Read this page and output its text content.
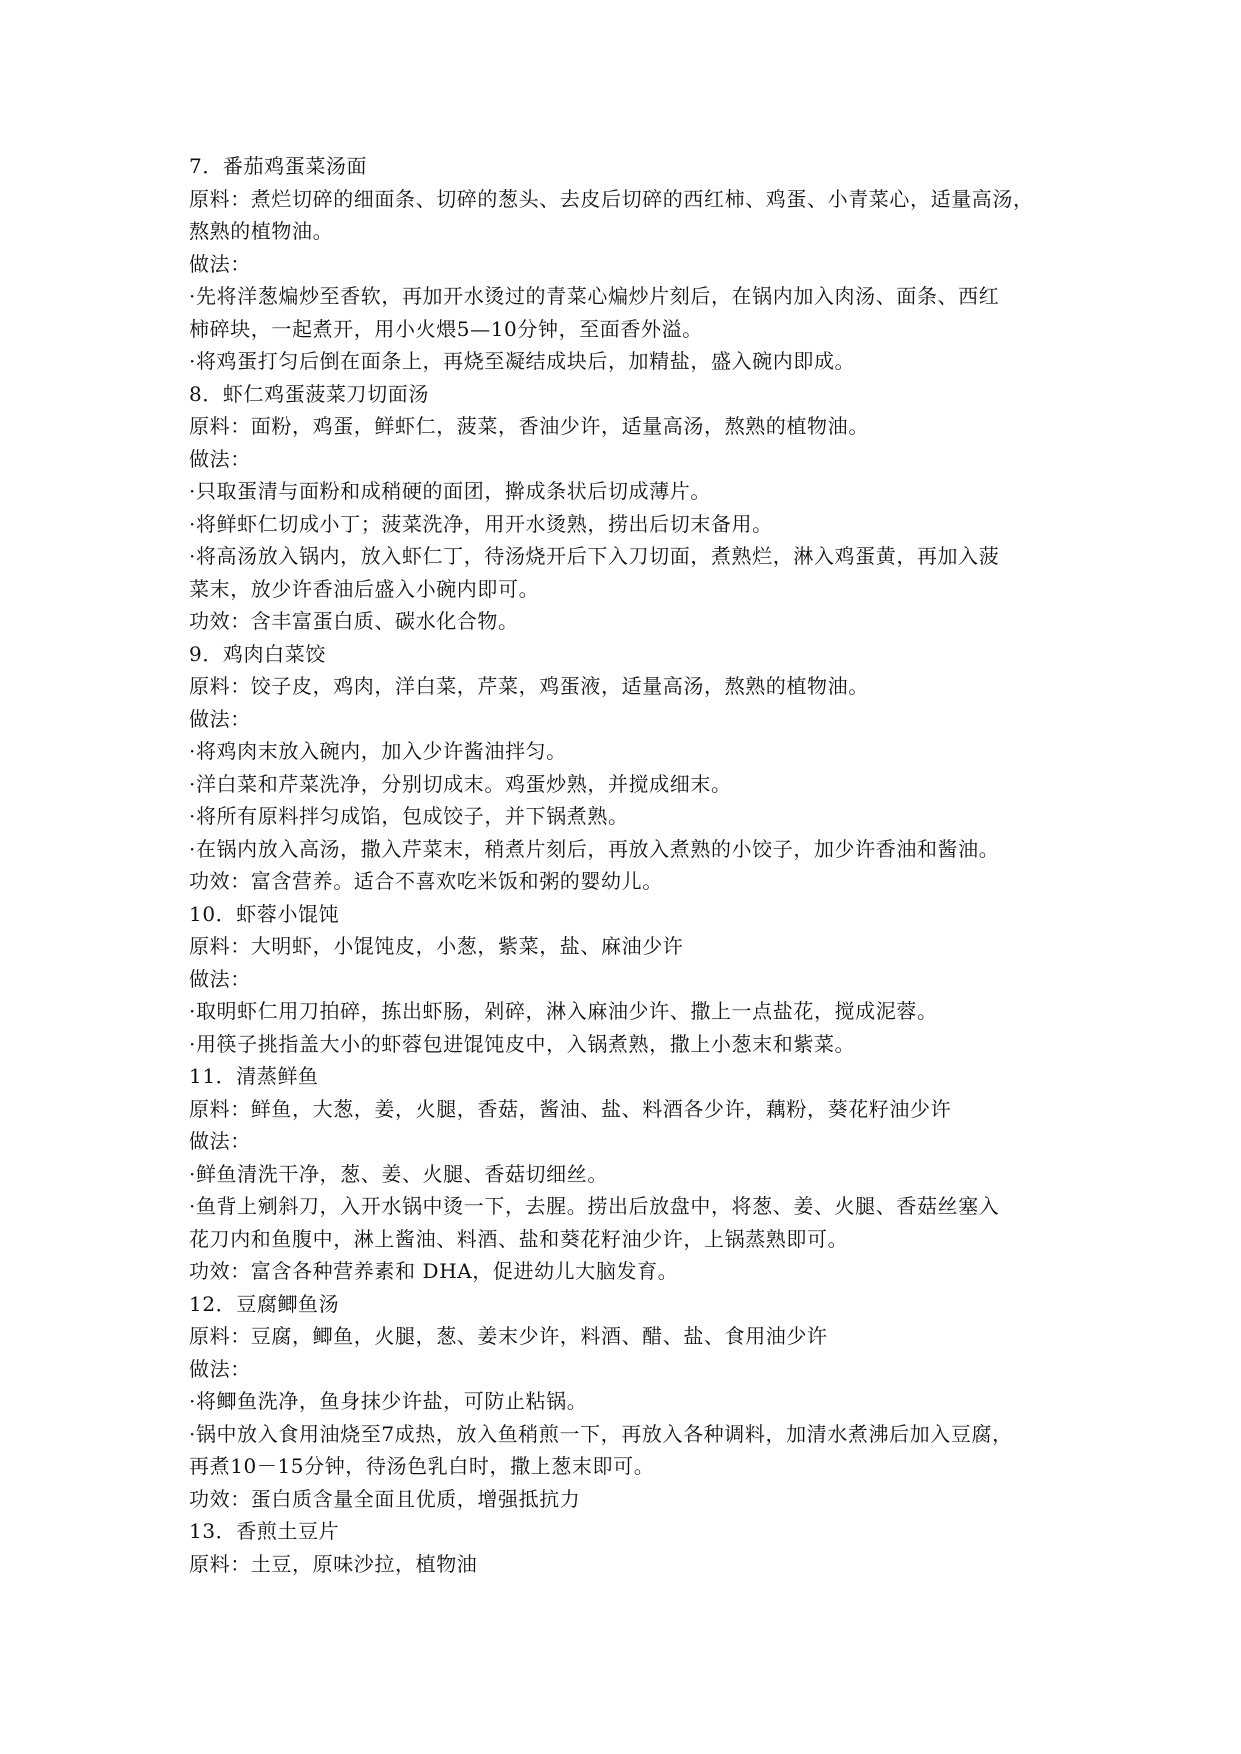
7．番茄鸡蛋菜汤面
原料：煮烂切碎的细面条、切碎的葱头、去皮后切碎的西红柿、鸡蛋、小青菜心，适量高汤，
熬熟的植物油。
做法：
·先将洋葱煸炒至香软，再加开水烫过的青菜心煸炒片刻后，在锅内加入肉汤、面条、西红
柿碎块，一起煮开，用小火煨5—10分钟，至面香外溢。
·将鸡蛋打匀后倒在面条上，再烧至凝结成块后，加精盐，盛入碗内即成。
8．虾仁鸡蛋菠菜刀切面汤
原料：面粉，鸡蛋，鲜虾仁，菠菜，香油少许，适量高汤，熬熟的植物油。
做法：
·只取蛋清与面粉和成稍硬的面团，擀成条状后切成薄片。
·将鲜虾仁切成小丁；菠菜洗净，用开水烫熟，捞出后切末备用。
·将高汤放入锅内，放入虾仁丁，待汤烧开后下入刀切面，煮熟烂，淋入鸡蛋黄，再加入菠
菜末，放少许香油后盛入小碗内即可。
功效：含丰富蛋白质、碳水化合物。
9．鸡肉白菜饺
原料：饺子皮，鸡肉，洋白菜，芹菜，鸡蛋液，适量高汤，熬熟的植物油。
做法：
·将鸡肉末放入碗内，加入少许酱油拌匀。
·洋白菜和芹菜洗净，分别切成末。鸡蛋炒熟，并搅成细末。
·将所有原料拌匀成馅，包成饺子，并下锅煮熟。
·在锅内放入高汤，撒入芹菜末，稍煮片刻后，再放入煮熟的小饺子，加少许香油和酱油。
功效：富含营养。适合不喜欢吃米饭和粥的婴幼儿。
10．虾蓉小馄饨
原料：大明虾，小馄饨皮，小葱，紫菜，盐、麻油少许
做法：
·取明虾仁用刀拍碎，拣出虾肠，剁碎，淋入麻油少许、撒上一点盐花，搅成泥蓉。
·用筷子挑指盖大小的虾蓉包进馄饨皮中，入锅煮熟，撒上小葱末和紫菜。
11．清蒸鲜鱼
原料：鲜鱼，大葱，姜，火腿，香菇，酱油、盐、料酒各少许，藕粉，葵花籽油少许
做法：
·鲜鱼清洗干净，葱、姜、火腿、香菇切细丝。
·鱼背上剜斜刀，入开水锅中烫一下，去腥。捞出后放盘中，将葱、姜、火腿、香菇丝塞入
花刀内和鱼腹中，淋上酱油、料酒、盐和葵花籽油少许，上锅蒸熟即可。
功效：富含各种营养素和 DHA，促进幼儿大脑发育。
12．豆腐鲫鱼汤
原料：豆腐，鲫鱼，火腿，葱、姜末少许，料酒、醋、盐、食用油少许
做法：
·将鲫鱼洗净，鱼身抹少许盐，可防止粘锅。
·锅中放入食用油烧至7成热，放入鱼稍煎一下，再放入各种调料，加清水煮沸后加入豆腐，
再煮10－15分钟，待汤色乳白时，撒上葱末即可。
功效：蛋白质含量全面且优质，增强抵抗力
13．香煎土豆片
原料：土豆，原味沙拉，植物油
